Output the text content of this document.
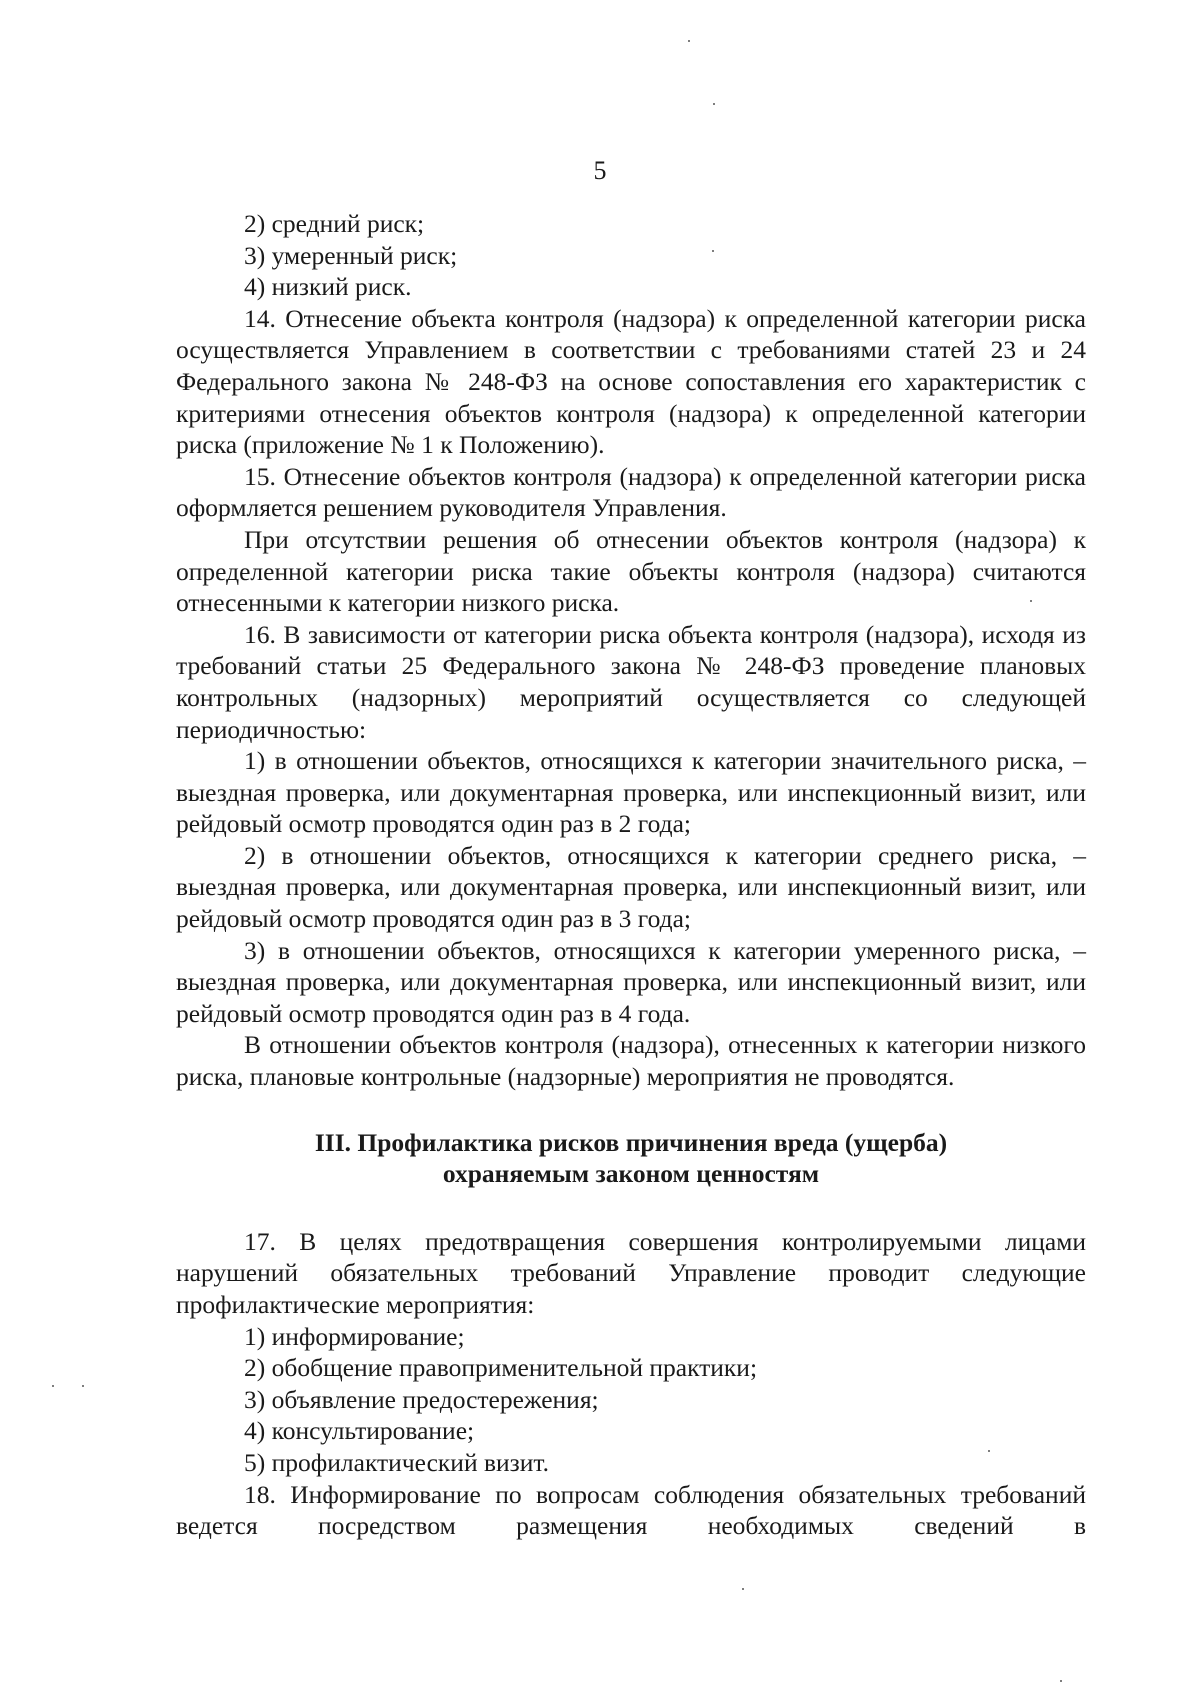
5
2) средний риск;
3) умеренный риск;
4) низкий риск.

14. Отнесение объекта контроля (надзора) к определенной категории риска осуществляется Управлением в соответствии с требованиями статей 23 и 24 Федерального закона № 248-ФЗ на основе сопоставления его характеристик с критериями отнесения объектов контроля (надзора) к определенной категории риска (приложение № 1 к Положению).

15. Отнесение объектов контроля (надзора) к определенной категории риска оформляется решением руководителя Управления.

При отсутствии решения об отнесении объектов контроля (надзора) к определенной категории риска такие объекты контроля (надзора) считаются отнесенными к категории низкого риска.

16. В зависимости от категории риска объекта контроля (надзора), исходя из требований статьи 25 Федерального закона № 248-ФЗ проведение плановых контрольных (надзорных) мероприятий осуществляется со следующей периодичностью:

1) в отношении объектов, относящихся к категории значительного риска, – выездная проверка, или документарная проверка, или инспекционный визит, или рейдовый осмотр проводятся один раз в 2 года;

2) в отношении объектов, относящихся к категории среднего риска, – выездная проверка, или документарная проверка, или инспекционный визит, или рейдовый осмотр проводятся один раз в 3 года;

3) в отношении объектов, относящихся к категории умеренного риска, – выездная проверка, или документарная проверка, или инспекционный визит, или рейдовый осмотр проводятся один раз в 4 года.

В отношении объектов контроля (надзора), отнесенных к категории низкого риска, плановые контрольные (надзорные) мероприятия не проводятся.

III. Профилактика рисков причинения вреда (ущерба)
охраняемым законом ценностям

17. В целях предотвращения совершения контролируемыми лицами нарушений обязательных требований Управление проводит следующие профилактические мероприятия:

1) информирование;
2) обобщение правоприменительной практики;
3) объявление предостережения;
4) консультирование;
5) профилактический визит.

18. Информирование по вопросам соблюдения обязательных требований ведется посредством размещения необходимых сведений в
